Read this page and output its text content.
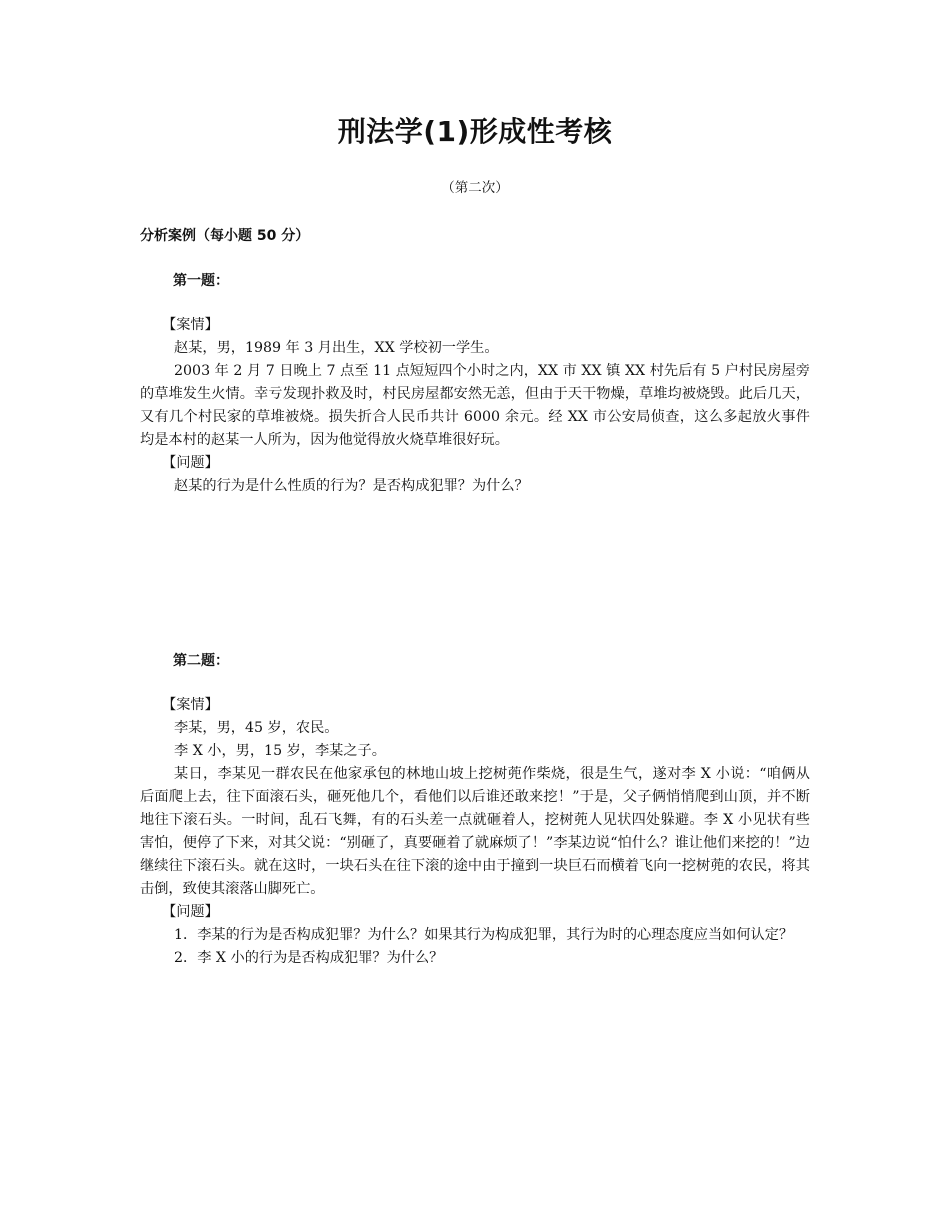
刑法学(1)形成性考核
（第二次）
分析案例（每小题 50 分）
第一题：

【案情】

赵某，男，1989 年 3 月出生，XX 学校初一学生。

2003 年 2 月 7 日晚上 7 点至 11 点短短四个小时之内，XX 市 XX 镇 XX 村先后有 5 户村民房屋旁的草堆发生火情。幸亏发现扑救及时，村民房屋都安然无恙，但由于天干物燥，草堆均被烧毁。此后几天，又有几个村民家的草堆被烧。损失折合人民币共计 6000 余元。经 XX 市公安局侦查，这么多起放火事件均是本村的赵某一人所为，因为他觉得放火烧草堆很好玩。

【问题】

赵某的行为是什么性质的行为？是否构成犯罪？为什么？

第二题：

【案情】

李某，男，45 岁，农民。

李 X 小，男，15 岁，李某之子。

某日，李某见一群农民在他家承包的林地山坡上挖树蔸作柴烧，很是生气，遂对李 X 小说：“咱俩从后面爬上去，往下面滚石头，砸死他几个，看他们以后谁还敢来挖！”于是，父子俩悄悄爬到山顶，并不断地往下滚石头。一时间，乱石飞舞，有的石头差一点就砸着人，挖树蔸人见状四处躲避。李 X 小见状有些害怕，便停了下来，对其父说：“别砸了，真要砸着了就麻烦了！”李某边说“怕什么？谁让他们来挖的！”边继续往下滚石头。就在这时，一块石头在往下滚的途中由于撞到一块巨石而横着飞向一挖树蔸的农民，将其击倒，致使其滚落山脚死亡。

【问题】

1．李某的行为是否构成犯罪？为什么？如果其行为构成犯罪，其行为时的心理态度应当如何认定？

2．李 X 小的行为是否构成犯罪？为什么？
